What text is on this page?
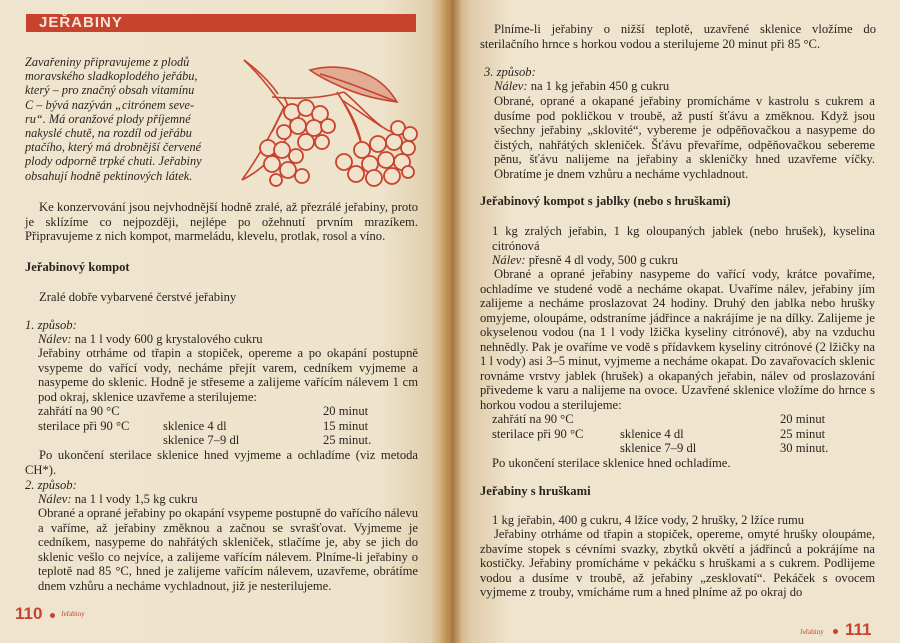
JEŘABINY
Zavařeniny připravujeme z plodů
moravského sladkoplodého jeřábu,
který – pro značný obsah vitamínu
C – bývá nazýván „citrónem seve-
ru“. Má oranžové plody příjemné
nakyslé chutě, na rozdíl od jeřábu
ptačího, který má drobnější červené
plody odporně trpké chuti. Jeřabiny
obsahují hodně pektinových látek.
Ke konzervování jsou nejvhodnější hodně zralé, až přezrálé jeřabiny, proto je sklízíme co nejpozději, nejlépe po ožehnutí prvním mrazíkem. Připravujeme z nich kompot, marmeládu, klevelu, protlak, rosol a víno.
Jeřabinový kompot
Zralé dobře vybarvené čerstvé jeřabiny
1. způsob:
Nálev: na 1 l vody 600 g krystalového cukru
Jeřabiny otrháme od třapin a stopiček, opereme a po okapání postupně vsypeme do vařící vody, necháme přejít varem, cedníkem vyjmeme a nasypeme do sklenic. Hodně je střeseme a zalijeme vařícím nálevem 1 cm pod okraj, sklenice uzavřeme a sterilujeme:
zahřátí na 90 °C	20 minut
sterilace při 90 °C	sklenice 4 dl	15 minut
sklenice 7–9 dl	25 minut.
Po ukončení sterilace sklenice hned vyjmeme a ochladíme (viz metoda CH*).
2. způsob:
Nálev: na 1 l vody 1,5 kg cukru
Obrané a oprané jeřabiny po okapání vsypeme postupně do vařícího nálevu a vaříme, až jeřabiny změknou a začnou se svrašťovat. Vyjmeme je cedníkem, nasypeme do nahřátých skleniček, stlačíme je, aby se jich do sklenic vešlo co nejvíce, a zalijeme vařícím nálevem. Plníme-li jeřabiny o teplotě nad 85 °C, hned je zalijeme vařícím nálevem, uzavřeme, obrátíme dnem vzhůru a necháme vychladnout, již je nesterilujeme.
110	Jeřabiny
Plníme-li jeřabiny o nižší teplotě, uzavřené sklenice vložíme do sterilačního hrnce s horkou vodou a sterilujeme 20 minut při 85 °C.
3. způsob:
Nálev: na 1 kg jeřabin 450 g cukru
Obrané, oprané a okapané jeřabiny promícháme v kastrolu s cukrem a dusíme pod pokličkou v troubě, až pustí šťávu a změknou. Když jsou všechny jeřabiny „sklovité“, vybereme je odpěňovačkou a nasypeme do čistých, nahřátých skleniček. Šťávu převaříme, odpěňovačkou sebereme pěnu, šťávu nalijeme na jeřabiny a skleničky hned uzavřeme víčky. Obratíme je dnem vzhůru a necháme vychladnout.
Jeřabinový kompot s jablky (nebo s hruškami)
1 kg zralých jeřabin, 1 kg oloupaných jablek (nebo hrušek), kyselina citrónová
Nálev: přesně 4 dl vody, 500 g cukru
Obrané a oprané jeřabiny nasypeme do vařící vody, krátce povaříme, ochladíme ve studené vodě a necháme okapat. Uvaříme nálev, jeřabiny jím zalijeme a necháme proslazovat 24 hodiny. Druhý den jablka nebo hrušky omyjeme, oloupáme, odstraníme jádřince a nakrájíme je na dílky. Zalijeme je okyselenou vodou (na 1 l vody lžička kyseliny citrónové), aby na vzduchu nehnědly. Pak je ovaříme ve vodě s přídavkem kyseliny citrónové (2 lžičky na 1 l vody) asi 3–5 minut, vyjmeme a necháme okapat. Do zavařovacích sklenic rovnáme vrstvy jablek (hrušek) a okapaných jeřabin, nálev od proslazování přivedeme k varu a nalijeme na ovoce. Uzavřené sklenice vložíme do hrnce s horkou vodou a sterilujeme:
zahřátí na 90 °C	20 minut
sterilace při 90 °C	sklenice 4 dl	25 minut
sklenice 7–9 dl	30 minut.
Po ukončení sterilace sklenice hned ochladíme.
Jeřabiny s hruškami
1 kg jeřabin, 400 g cukru, 4 lžíce vody, 2 hrušky, 2 lžíce rumu
Jeřabiny otrháme od třapin a stopiček, opereme, omyté hrušky oloupáme, zbavíme stopek s cévními svazky, zbytků okvětí a jádřinců a pokrájíme na kostičky. Jeřabiny promícháme v pekáčku s hruškami a s cukrem. Podlijeme vodou a dusíme v troubě, až jeřabiny „zesklovatí“. Pekáček s ovocem vyjmeme z trouby, vmícháme rum a hned plníme až po okraj do
Jeřabiny 111
